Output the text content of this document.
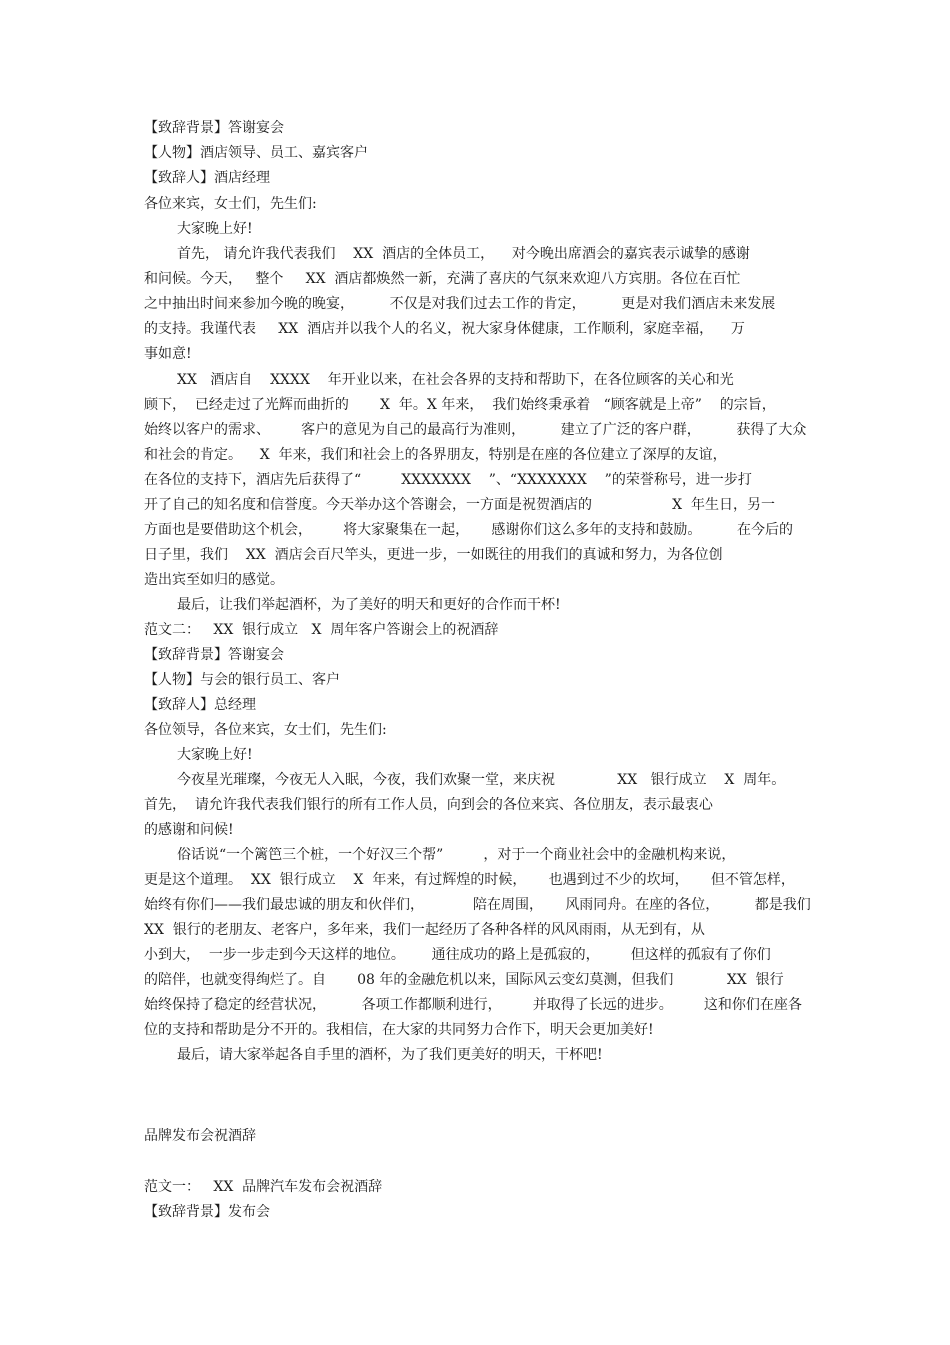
【致辞背景】答谢宴会

【人物】酒店领导、员工、嘉宾客户

【致辞人】酒店经理

各位来宾，女士们，先生们:

大家晚上好!

首先， 请允许我代表我们    XX  酒店的全体员工，    对今晚出席酒会的嘉宾表示诚挚的感谢

和问候。今天，   整个     XX  酒店都焕然一新，充满了喜庆的气氛来欢迎八方宾朋。各位在百忙

之中抽出时间来参加今晚的晚宴，        不仅是对我们过去工作的肯定，        更是对我们酒店未来发展

的支持。我谨代表     XX  酒店并以我个人的名义，祝大家身体健康，工作顺利，家庭幸福，    万

事如意!

XX   酒店自    XXXX    年开业以来，在社会各界的支持和帮助下，在各位顾客的关心和光

顾下，  已经走过了光辉而曲折的       X  年。X 年来，  我们始终秉承着   “顾客就是上帝”    的宗旨，

始终以客户的需求、       客户的意见为自己的最高行为准则，        建立了广泛的客户群，        获得了大众

和社会的肯定。    X  年来，我们和社会上的各界朋友，特别是在座的各位建立了深厚的友谊，

在各位的支持下，酒店先后获得了“         XXXXXXX    ”、“XXXXXXX    ”的荣誉称号，进一步打

开了自己的知名度和信誉度。今天举办这个答谢会，一方面是祝贺酒店的                  X  年生日，另一

方面也是要借助这个机会，       将大家聚集在一起，     感谢你们这么多年的支持和鼓励。        在今后的

日子里，我们    XX  酒店会百尺竿头，更进一步，一如既往的用我们的真诚和努力，为各位创

造出宾至如归的感觉。

最后，让我们举起酒杯，为了美好的明天和更好的合作而干杯!

范文二：   XX  银行成立   X  周年客户答谢会上的祝酒辞

【致辞背景】答谢宴会

【人物】与会的银行员工、客户

【致辞人】总经理

各位领导，各位来宾，女士们，先生们:

大家晚上好!

今夜星光璀璨，今夜无人入眠，今夜，我们欢聚一堂，来庆祝              XX   银行成立    X  周年。

首先，  请允许我代表我们银行的所有工作人员，向到会的各位来宾、各位朋友，表示最衷心

的感谢和问候!

俗话说“一个篱笆三个桩，一个好汉三个帮”         ，对于一个商业社会中的金融机构来说，

更是这个道理。  XX  银行成立    X  年来，有过辉煌的时候，     也遇到过不少的坎坷，     但不管怎样，

始终有你们——我们最忠诚的朋友和伙伴们，           陪在周围，     风雨同舟。在座的各位，        都是我们

XX  银行的老朋友、老客户，多年来，我们一起经历了各种各样的风风雨雨，从无到有，从

小到大，  一步一步走到今天这样的地位。      通往成功的路上是孤寂的，       但这样的孤寂有了你们

的陪伴，也就变得绚烂了。自       08 年的金融危机以来，国际风云变幻莫测，但我们            XX  银行

始终保持了稳定的经营状况，        各项工作都顺利进行，       并取得了长远的进步。       这和你们在座各

位的支持和帮助是分不开的。我相信，在大家的共同努力合作下，明天会更加美好!

最后，请大家举起各自手里的酒杯，为了我们更美好的明天，干杯吧!

品牌发布会祝酒辞

范文一：   XX  品牌汽车发布会祝酒辞

【致辞背景】发布会
